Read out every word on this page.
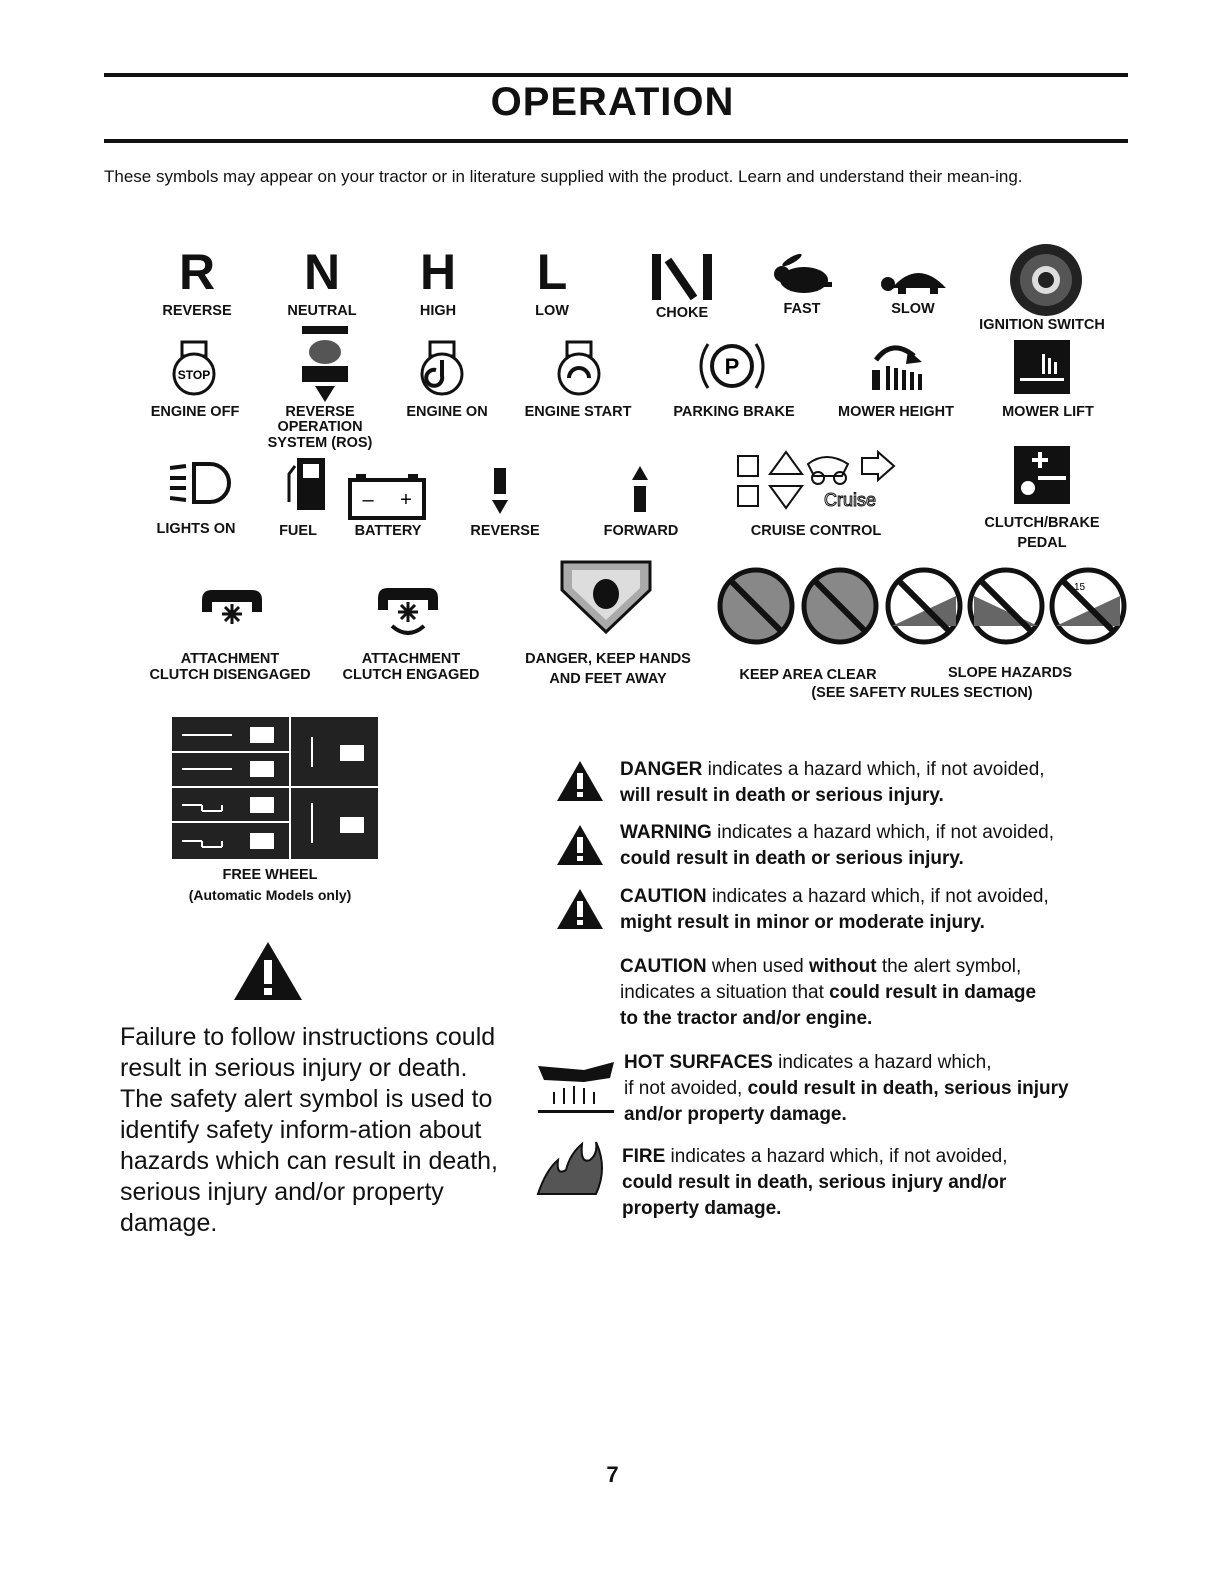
OPERATION
These symbols may appear on your tractor or in literature supplied with the product. Learn and understand their mean-ing.
R
REVERSE
N
NEUTRAL
H
HIGH
L
LOW	CHOKE	FAST	SLOW
IGNITION SWITCH
STOP
ENGINE OFF	REVERSE
OPERATION
SYSTEM (ROS)
ENGINE ON	ENGINE START
P
PARKING BRAKE	MOWER HEIGHT	MOWER LIFT
LIGHTS ON	FUEL
– +
BATTERY	REVERSE	FORWARD
Cruise
CRUISE CONTROL	CLUTCH/BRAKE
PEDAL
ATTACHMENT
CLUTCH DISENGAGED
ATTACHMENT
CLUTCH ENGAGED
DANGER, KEEP HANDS
AND FEET AWAY	KEEP AREA CLEAR
15
SLOPE HAZARDS
(SEE SAFETY RULES SECTION)
FREE WHEEL
(Automatic Models only)
Failure to follow instructions could result in serious injury or death. The safety alert symbol is used to identify safety inform-ation about hazards which can result in death, serious injury and/or property damage.
DANGER indicates a hazard which, if not avoided,
will result in death or serious injury.
WARNING indicates a hazard which, if not avoided,
could result in death or serious injury.
CAUTION indicates a hazard which, if not avoided,
might result in minor or moderate injury.
CAUTION when used without the alert symbol,
indicates a situation that could result in damage
to the tractor and/or engine.
HOT SURFACES indicates a hazard which,
if not avoided, could result in death, serious injury
and/or property damage.
FIRE indicates a hazard which, if not avoided,
could result in death, serious injury and/or
property damage.
7
